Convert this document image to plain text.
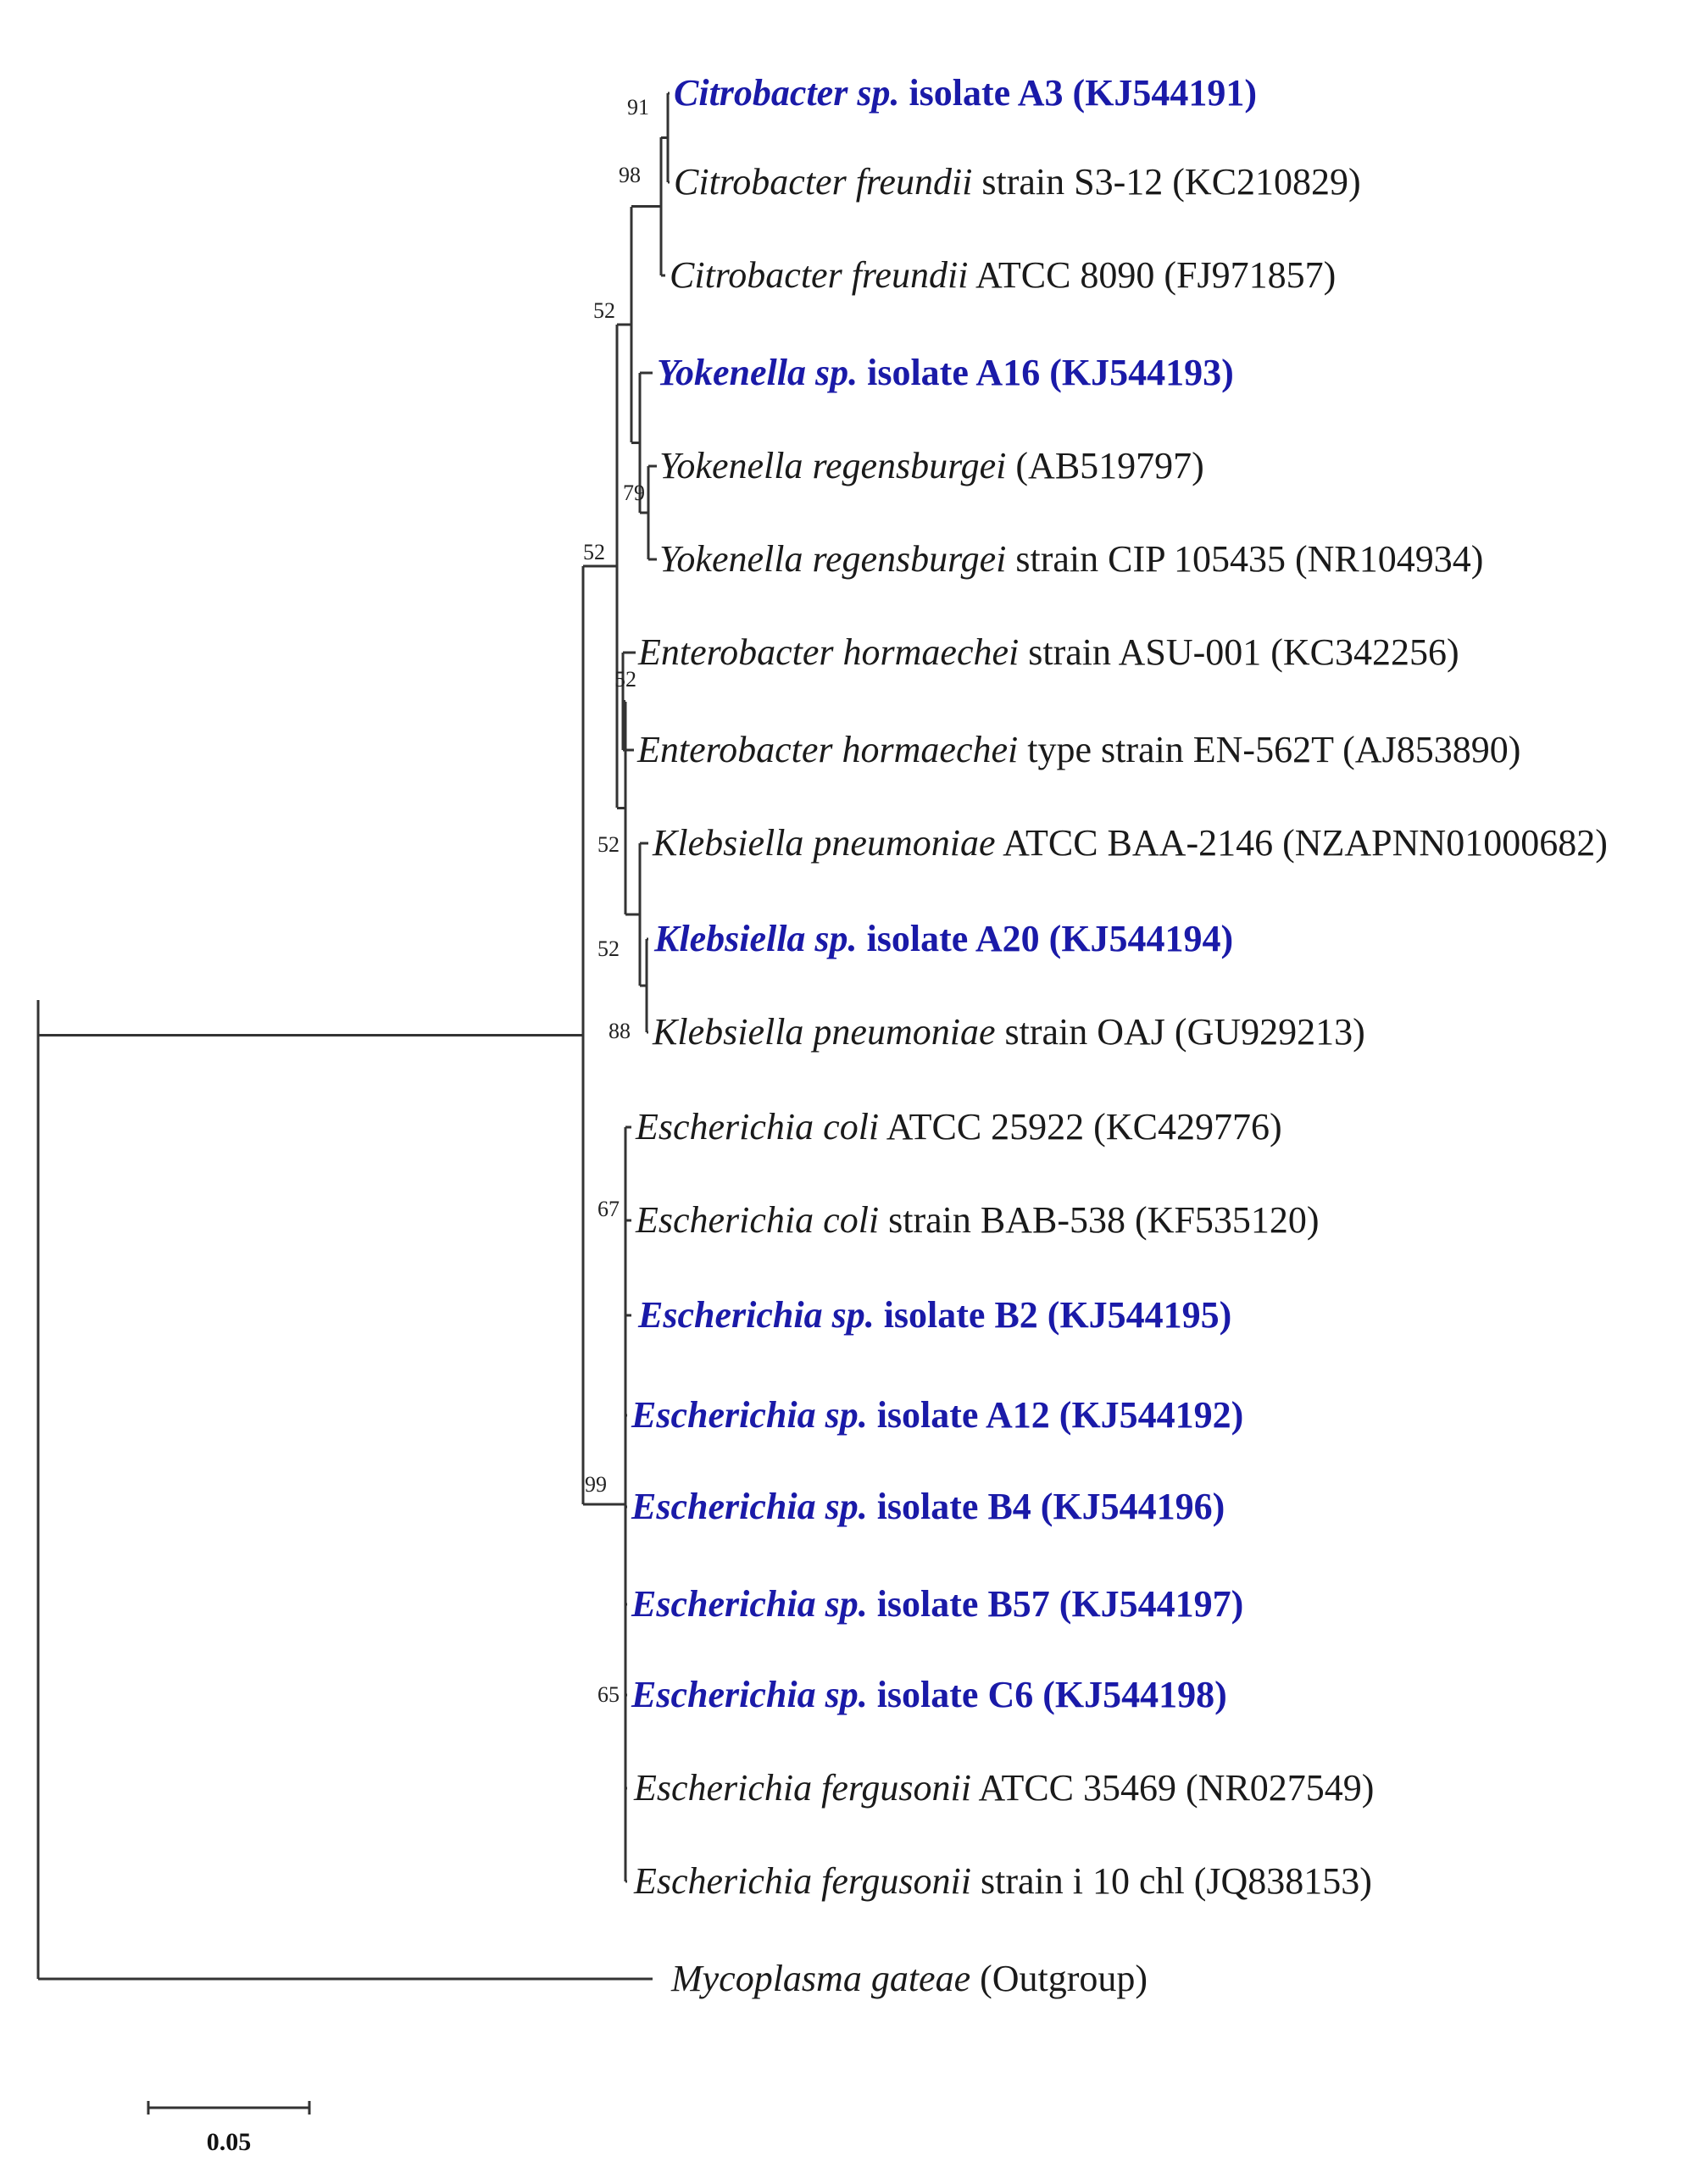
Citrobacter sp. isolate A3 (KJ544191)
Citrobacter freundii strain S3-12 (KC210829)
Citrobacter freundii ATCC 8090 (FJ971857)
Yokenella sp. isolate A16 (KJ544193)
Yokenella regensburgei (AB519797)
Yokenella regensburgei strain CIP 105435 (NR104934)
Enterobacter hormaechei strain ASU-001 (KC342256)
Enterobacter hormaechei type strain EN-562T (AJ853890)
Klebsiella pneumoniae ATCC BAA-2146 (NZAPNN01000682)
Klebsiella sp. isolate A20 (KJ544194)
Klebsiella pneumoniae strain OAJ (GU929213)
Escherichia coli ATCC 25922 (KC429776)
Escherichia coli strain BAB-538 (KF535120)
Escherichia sp. isolate B2 (KJ544195)
Escherichia sp. isolate A12 (KJ544192)
Escherichia sp. isolate B4 (KJ544196)
Escherichia sp. isolate B57 (KJ544197)
Escherichia sp. isolate C6 (KJ544198)
Escherichia fergusonii ATCC 35469 (NR027549)
Escherichia fergusonii strain i 10 chl (JQ838153)
Mycoplasma gateae (Outgroup)
91
98
52
79
52
52
52
52
88
67
99
65
0.05
